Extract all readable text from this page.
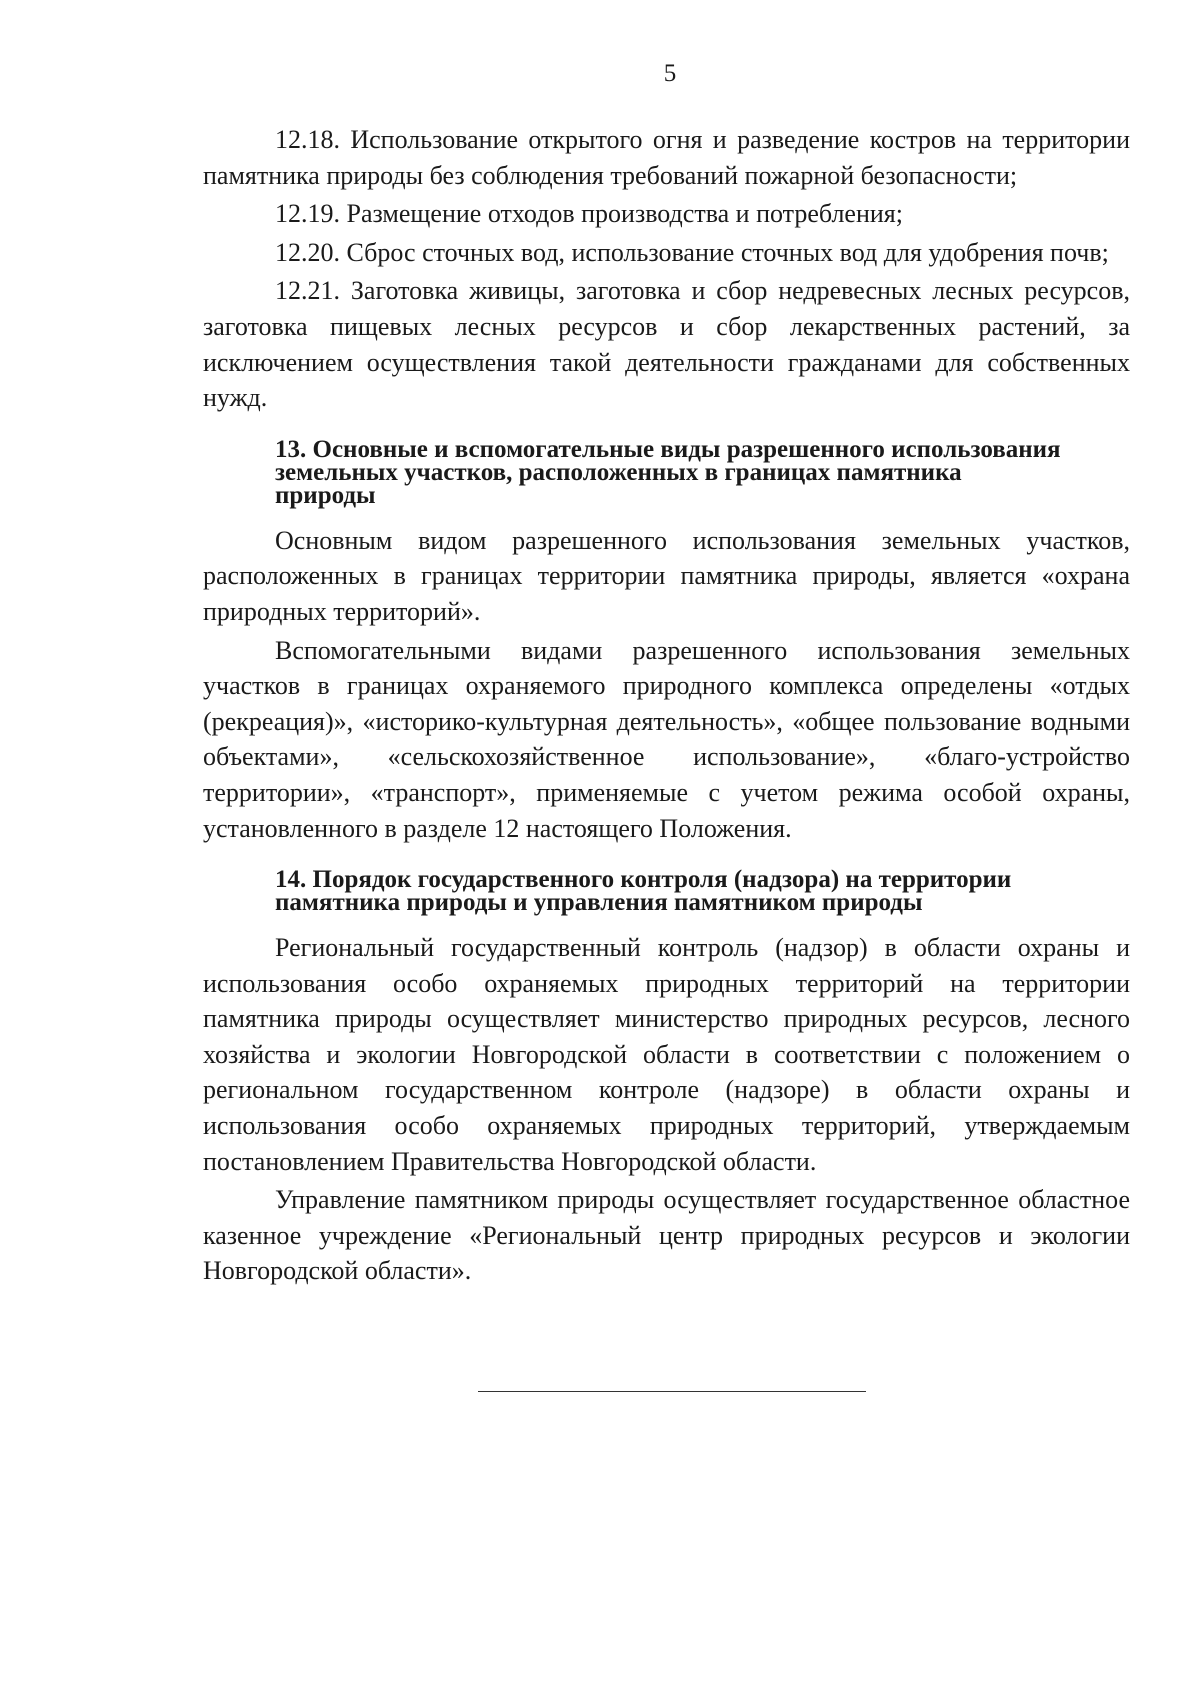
5

12.18. Использование открытого огня и разведение костров на территории памятника природы без соблюдения требований пожарной безопасности;

12.19. Размещение отходов производства и потребления;

12.20. Сброс сточных вод, использование сточных вод для удобрения почв;

12.21. Заготовка живицы, заготовка и сбор недревесных лесных ресурсов, заготовка пищевых лесных ресурсов и сбор лекарственных растений, за исключением осуществления такой деятельности гражданами для собственных нужд.

13. Основные и вспомогательные виды разрешенного использования
земельных участков, расположенных в границах памятника
природы

Основным видом разрешенного использования земельных участков, расположенных в границах территории памятника природы, является «охрана природных территорий».

Вспомогательными видами разрешенного использования земельных участков в границах охраняемого природного комплекса определены «отдых (рекреация)», «историко-культурная деятельность», «общее пользование водными объектами», «сельскохозяйственное использование», «благо-устройство территории», «транспорт», применяемые с учетом режима особой охраны, установленного в разделе 12 настоящего Положения.

14. Порядок государственного контроля (надзора) на территории
памятника природы и управления памятником природы

Региональный государственный контроль (надзор) в области охраны и использования особо охраняемых природных территорий на территории памятника природы осуществляет министерство природных ресурсов, лесного хозяйства и экологии Новгородской области в соответствии с положением о региональном государственном контроле (надзоре) в области охраны и использования особо охраняемых природных территорий, утверждаемым постановлением Правительства Новгородской области.

Управление памятником природы осуществляет государственное областное казенное учреждение «Региональный центр природных ресурсов и экологии Новгородской области».
